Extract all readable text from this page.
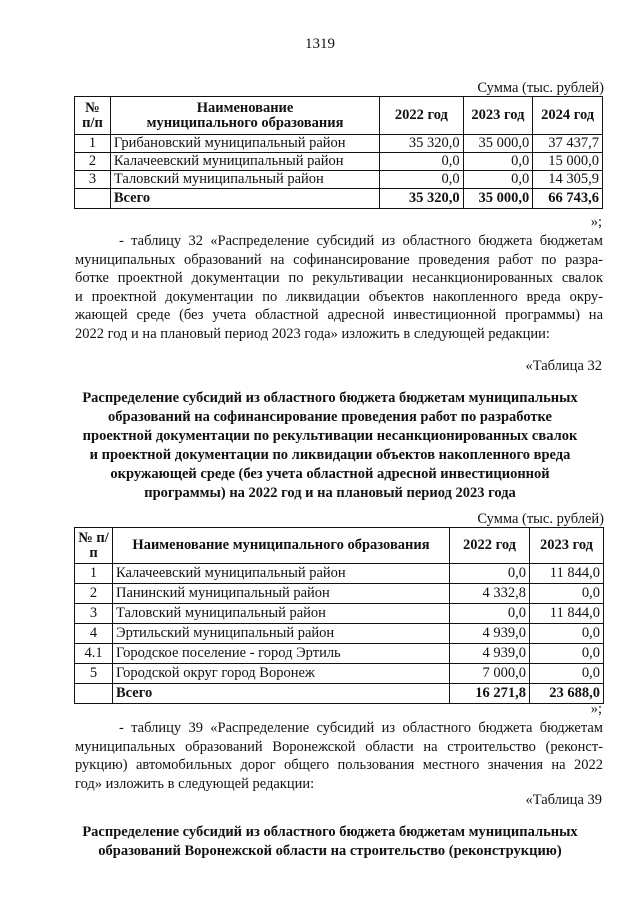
1319
Сумма (тыс. рублей)
№ п/п	Наименование муниципального образования	2022 год	2023 год	2024 год
1	Грибановский муниципальный район	35 320,0	35 000,0	37 437,7
2	Калачеевский муниципальный район	0,0	0,0	15 000,0
3	Таловский муниципальный район	0,0	0,0	14 305,9
	Всего	35 320,0	35 000,0	66 743,6
»;
- таблицу 32 «Распределение субсидий из областного бюджета бюджетам
муниципальных образований на софинансирование проведения работ по разра-
ботке проектной документации по рекультивации несанкционированных свалок
и проектной документации по ликвидации объектов накопленного вреда окру-
жающей среде (без учета областной адресной инвестиционной программы) на
2022 год и на плановый период 2023 года» изложить в следующей редакции:
«Таблица 32
Распределение субсидий из областного бюджета бюджетам муниципальных
образований на софинансирование проведения работ по разработке
проектной документации по рекультивации несанкционированных свалок
и проектной документации по ликвидации объектов накопленного вреда
окружающей среде (без учета областной адресной инвестиционной
программы) на 2022 год и на плановый период 2023 года
Сумма (тыс. рублей)
№ п/п	Наименование муниципального образования	2022 год	2023 год
1	Калачеевский муниципальный район	0,0	11 844,0
2	Панинский муниципальный район	4 332,8	0,0
3	Таловский муниципальный район	0,0	11 844,0
4	Эртильский муниципальный район	4 939,0	0,0
4.1	Городское поселение - город Эртиль	4 939,0	0,0
5	Городской округ город Воронеж	7 000,0	0,0
	Всего	16 271,8	23 688,0
»;
- таблицу 39 «Распределение субсидий из областного бюджета бюджетам
муниципальных образований Воронежской области на строительство (реконст-
рукцию) автомобильных дорог общего пользования местного значения на 2022
год» изложить в следующей редакции:
«Таблица 39
Распределение субсидий из областного бюджета бюджетам муниципальных
образований Воронежской области на строительство (реконструкцию)
